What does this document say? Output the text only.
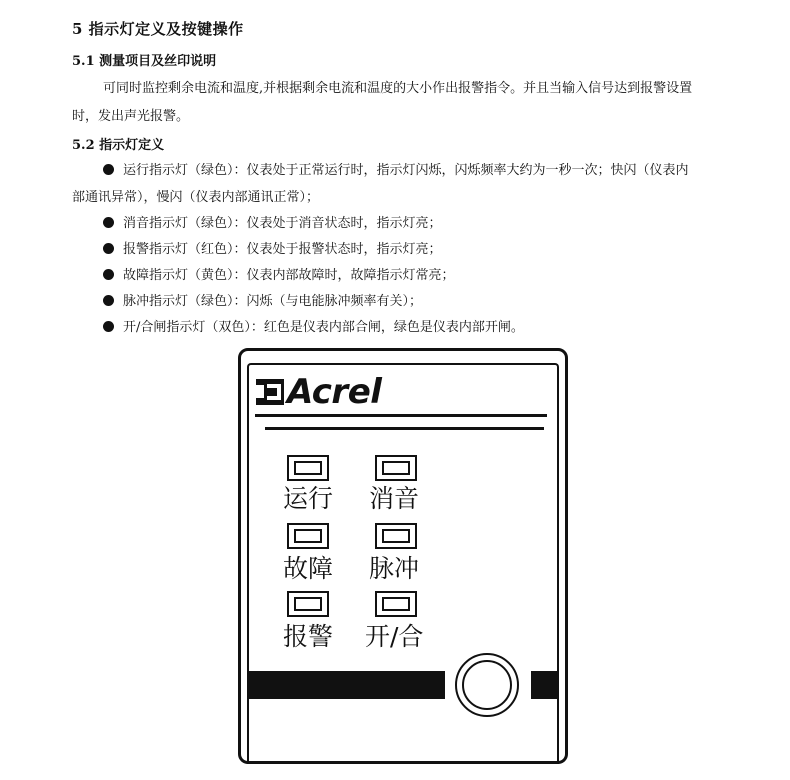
5 指示灯定义及按键操作
5.1 测量项目及丝印说明
可同时监控剩余电流和温度,并根据剩余电流和温度的大小作出报警指令。并且当输入信号达到报警设置
时，发出声光报警。
5.2 指示灯定义
运行指示灯（绿色）：仪表处于正常运行时，指示灯闪烁，闪烁频率大约为一秒一次；快闪（仪表内
部通讯异常），慢闪（仪表内部通讯正常）；
消音指示灯（绿色）：仪表处于消音状态时，指示灯亮；
报警指示灯（红色）：仪表处于报警状态时，指示灯亮；
故障指示灯（黄色）：仪表内部故障时，故障指示灯常亮；
脉冲指示灯（绿色）：闪烁（与电能脉冲频率有关）；
开/合闸指示灯（双色）：红色是仪表内部合闸，绿色是仪表内部开闸。
Acrel
运行 消音
故障 脉冲
报警 开/合
